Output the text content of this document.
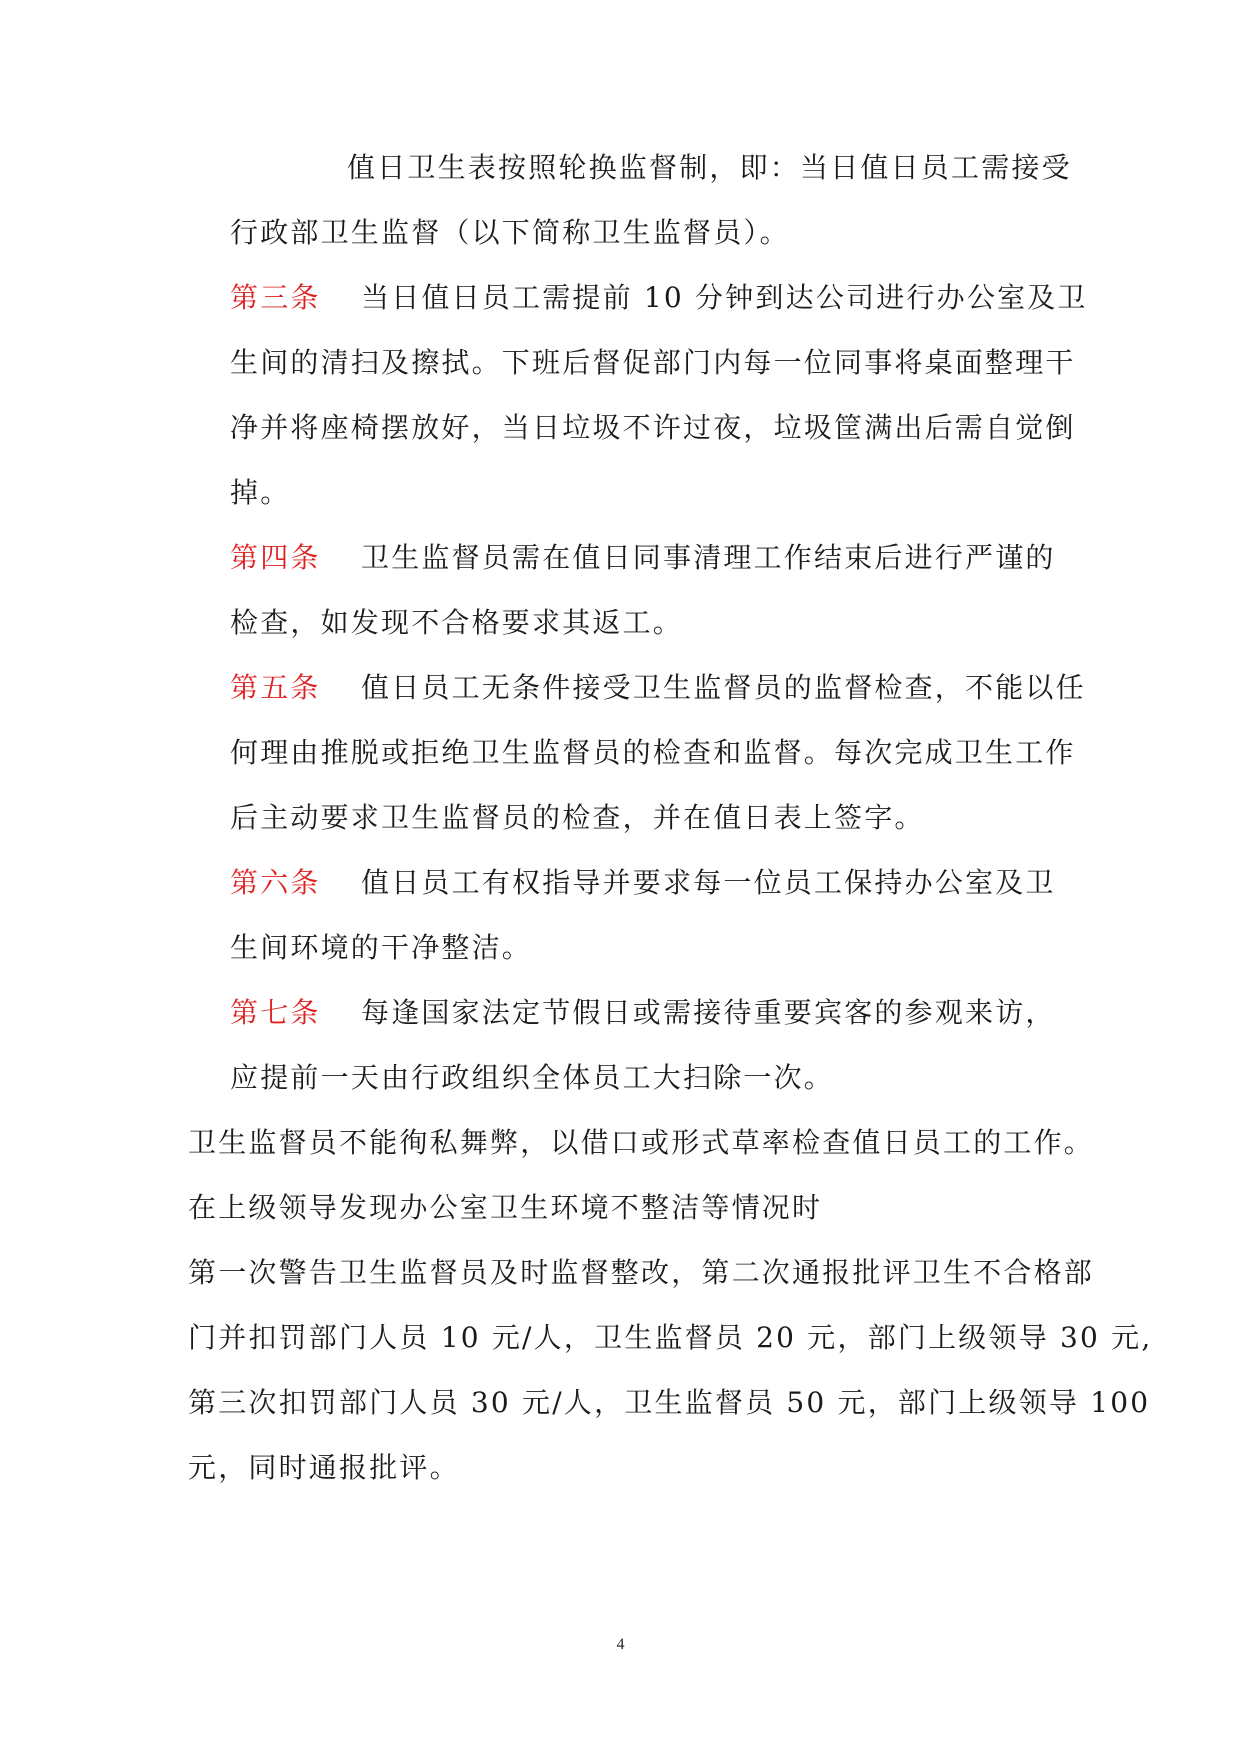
值日卫生表按照轮换监督制，即：当日值日员工需接受
行政部卫生监督（以下简称卫生监督员）。
第三条 当日值日员工需提前 10 分钟到达公司进行办公室及卫
生间的清扫及擦拭。下班后督促部门内每一位同事将桌面整理干
净并将座椅摆放好，当日垃圾不许过夜，垃圾筐满出后需自觉倒
掉。
第四条 卫生监督员需在值日同事清理工作结束后进行严谨的
检查，如发现不合格要求其返工。
第五条 值日员工无条件接受卫生监督员的监督检查，不能以任
何理由推脱或拒绝卫生监督员的检查和监督。每次完成卫生工作
后主动要求卫生监督员的检查，并在值日表上签字。
第六条 值日员工有权指导并要求每一位员工保持办公室及卫
生间环境的干净整洁。
第七条 每逢国家法定节假日或需接待重要宾客的参观来访，
应提前一天由行政组织全体员工大扫除一次。
卫生监督员不能徇私舞弊，以借口或形式草率检查值日员工的工作。
在上级领导发现办公室卫生环境不整洁等情况时
第一次警告卫生监督员及时监督整改，第二次通报批评卫生不合格部
门并扣罚部门人员 10 元/人，卫生监督员 20 元，部门上级领导 30 元,
第三次扣罚部门人员 30 元/人，卫生监督员 50 元，部门上级领导 100
元，同时通报批评。
4
